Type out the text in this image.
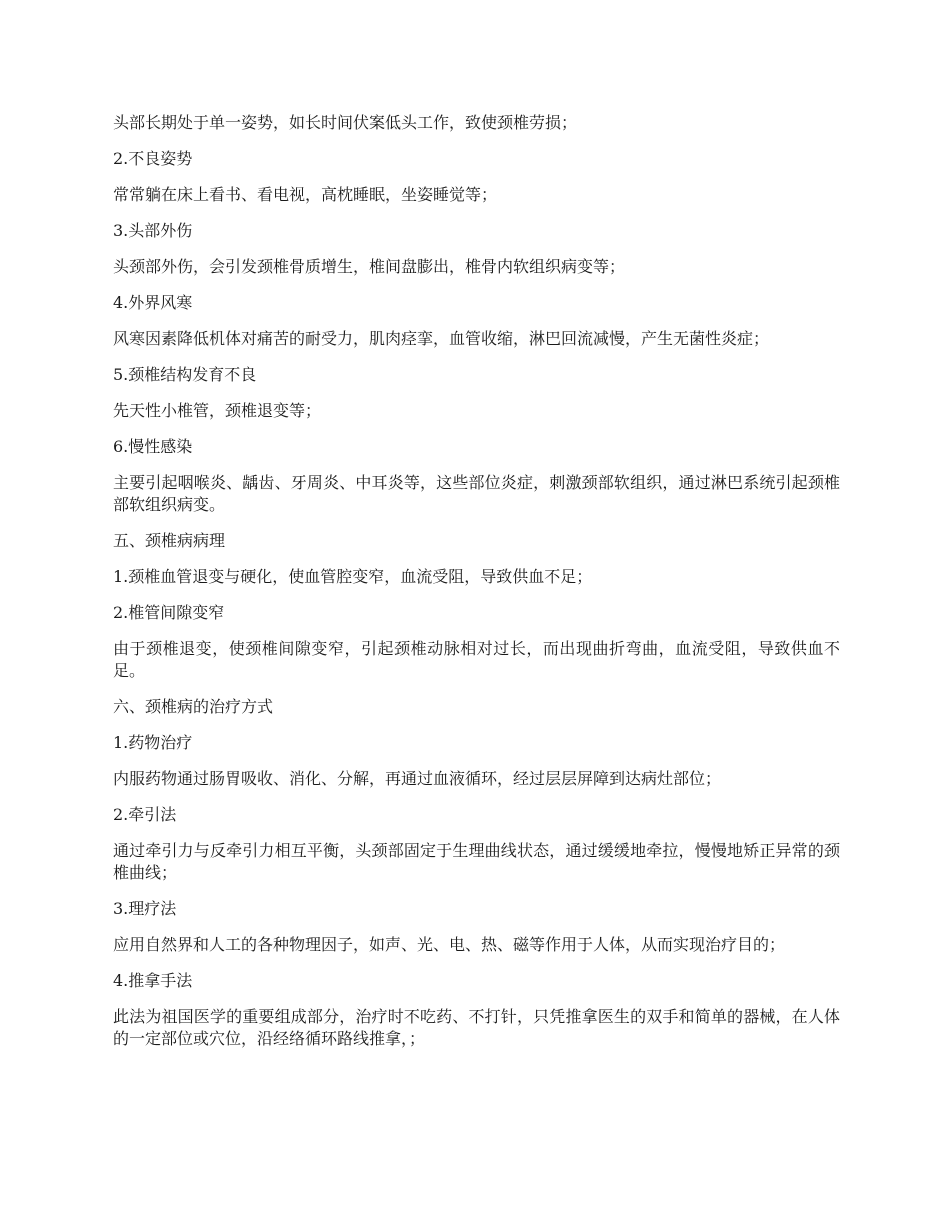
头部长期处于单一姿势，如长时间伏案低头工作，致使颈椎劳损；

2.不良姿势

常常躺在床上看书、看电视，高枕睡眠，坐姿睡觉等；

3.头部外伤

头颈部外伤，会引发颈椎骨质增生，椎间盘膨出，椎骨内软组织病变等；

4.外界风寒

风寒因素降低机体对痛苦的耐受力，肌肉痉挛，血管收缩，淋巴回流减慢，产生无菌性炎症；

5.颈椎结构发育不良

先天性小椎管，颈椎退变等；

6.慢性感染

主要引起咽喉炎、龋齿、牙周炎、中耳炎等，这些部位炎症，刺激颈部软组织，通过淋巴系统引起颈椎部软组织病变。

五、颈椎病病理

1.颈椎血管退变与硬化，使血管腔变窄，血流受阻，导致供血不足；

2.椎管间隙变窄

由于颈椎退变，使颈椎间隙变窄，引起颈椎动脉相对过长，而出现曲折弯曲，血流受阻，导致供血不足。

六、颈椎病的治疗方式

1.药物治疗

内服药物通过肠胃吸收、消化、分解，再通过血液循环，经过层层屏障到达病灶部位；

2.牵引法

通过牵引力与反牵引力相互平衡，头颈部固定于生理曲线状态，通过缓缓地牵拉，慢慢地矫正异常的颈椎曲线；

3.理疗法

应用自然界和人工的各种物理因子，如声、光、电、热、磁等作用于人体，从而实现治疗目的；

4.推拿手法

此法为祖国医学的重要组成部分，治疗时不吃药、不打针，只凭推拿医生的双手和简单的器械，在人体的一定部位或穴位，沿经络循环路线推拿，；
